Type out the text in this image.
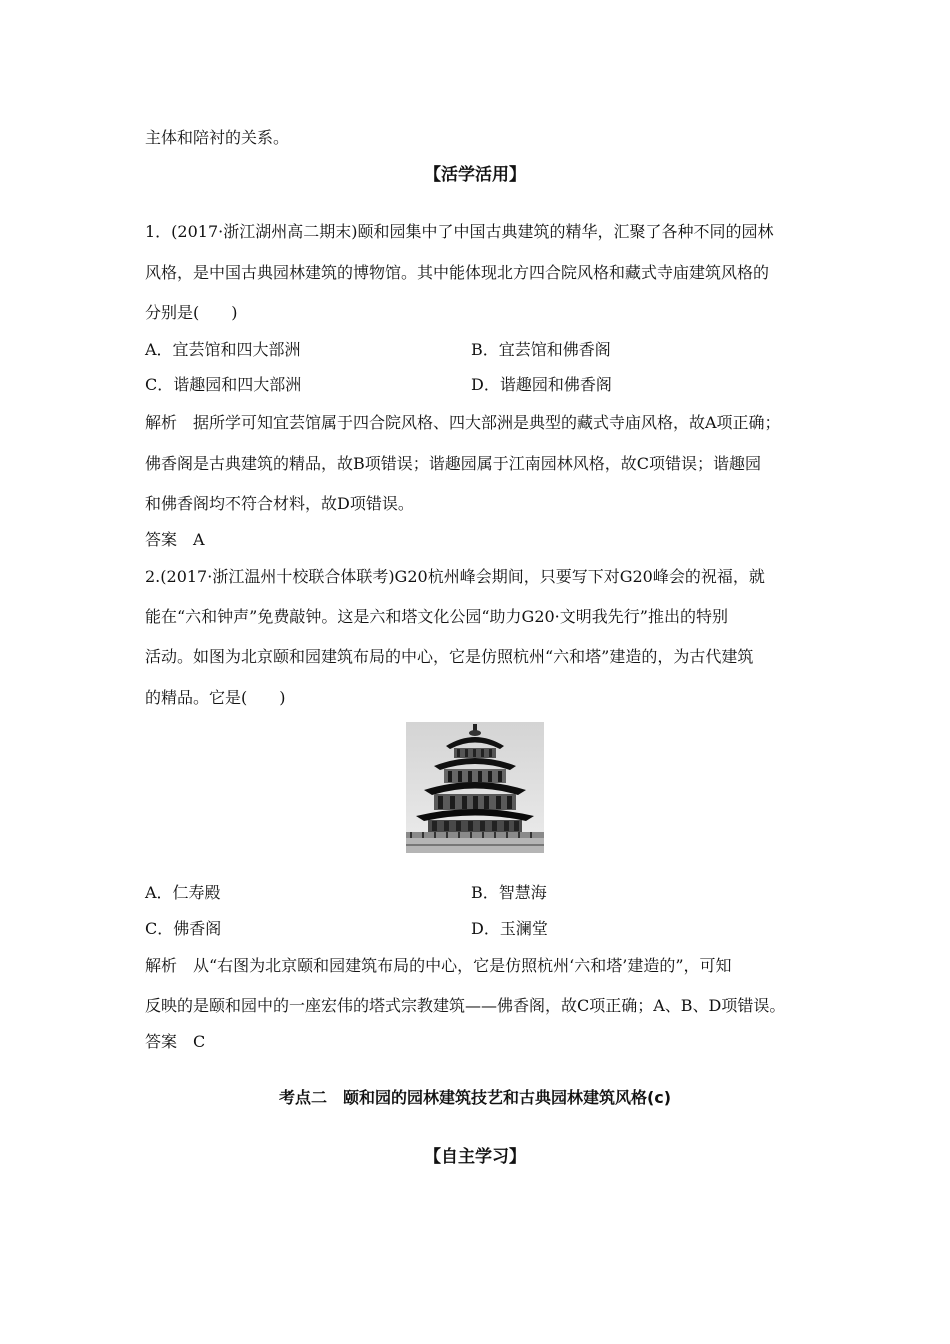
主体和陪衬的关系。
【活学活用】
1．(2017·浙江湖州高二期末)颐和园集中了中国古典建筑的精华，汇聚了各种不同的园林
风格，是中国古典园林建筑的博物馆。其中能体现北方四合院风格和藏式寺庙建筑风格的
分别是(　　)
A．宜芸馆和四大部洲	B．宜芸馆和佛香阁
C．谐趣园和四大部洲	D．谐趣园和佛香阁
解析　据所学可知宜芸馆属于四合院风格、四大部洲是典型的藏式寺庙风格，故A项正确；
佛香阁是古典建筑的精品，故B项错误；谐趣园属于江南园林风格，故C项错误；谐趣园
和佛香阁均不符合材料，故D项错误。
答案　A
2.(2017·浙江温州十校联合体联考)G20杭州峰会期间，只要写下对G20峰会的祝福，就
能在“六和钟声”免费敲钟。这是六和塔文化公园“助力G20·文明我先行”推出的特别
活动。如图为北京颐和园建筑布局的中心，它是仿照杭州“六和塔”建造的，为古代建筑
的精品。它是(　　)
A．仁寿殿	B．智慧海
C．佛香阁	D．玉澜堂
解析　从“右图为北京颐和园建筑布局的中心，它是仿照杭州‘六和塔’建造的”，可知
反映的是颐和园中的一座宏伟的塔式宗教建筑——佛香阁，故C项正确；A、B、D项错误。
答案　C
考点二　颐和园的园林建筑技艺和古典园林建筑风格(c)
【自主学习】
